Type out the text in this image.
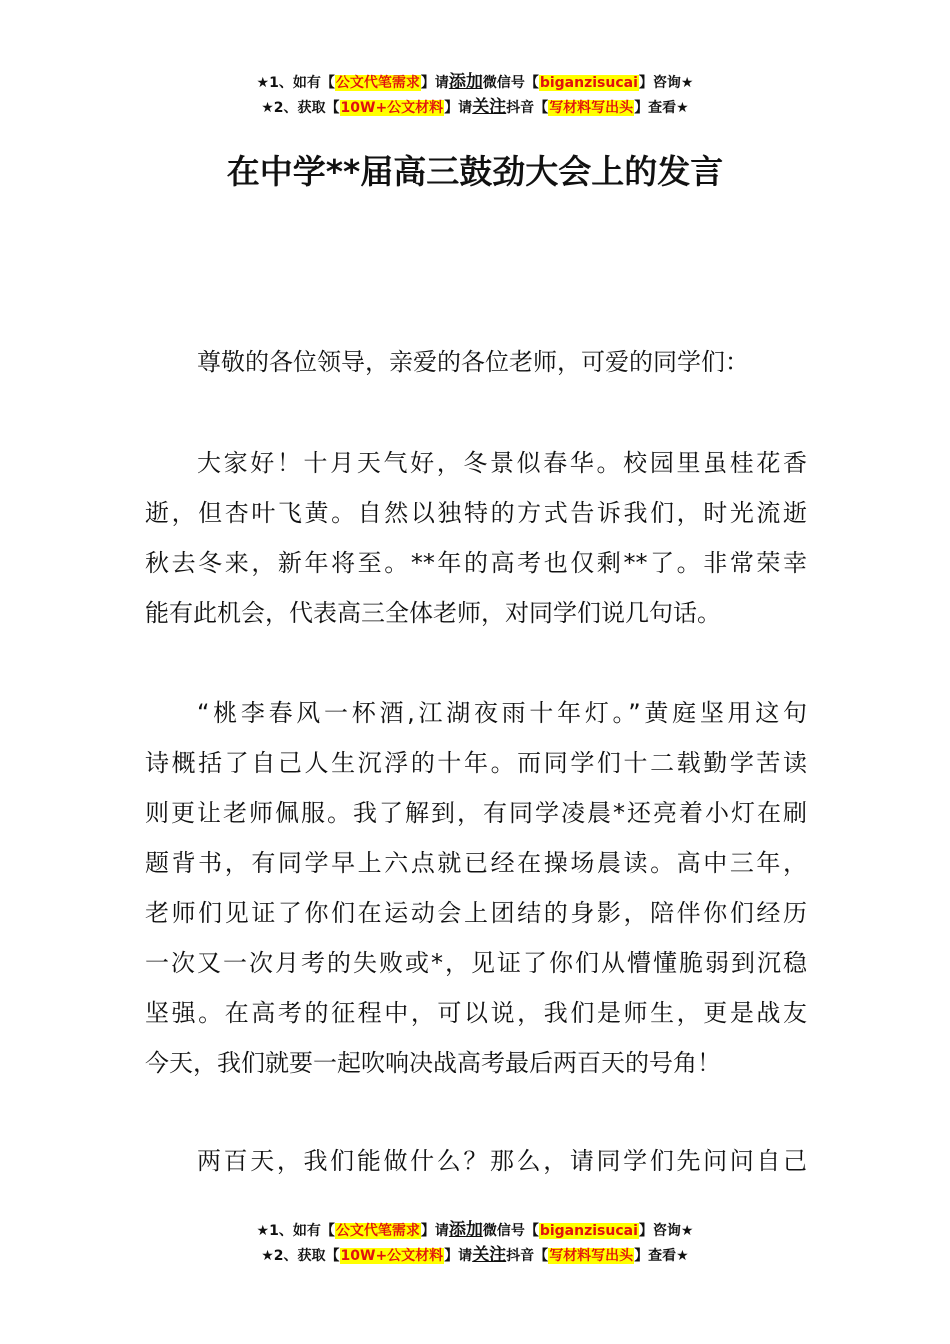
★1、如有【公文代笔需求】请添加微信号【biganzisucai】咨询★
★2、获取【10W+公文材料】请关注抖音【写材料写出头】查看★
在中学**届高三鼓劲大会上的发言
尊敬的各位领导，亲爱的各位老师，可爱的同学们：
大家好！十月天气好，冬景似春华。校园里虽桂花香
逝，但杏叶飞黄。自然以独特的方式告诉我们，时光流逝
秋去冬来，新年将至。**年的高考也仅剩**了。非常荣幸
能有此机会，代表高三全体老师，对同学们说几句话。
“桃李春风一杯酒,江湖夜雨十年灯。”黄庭坚用这句
诗概括了自己人生沉浮的十年。而同学们十二载勤学苦读
则更让老师佩服。我了解到，有同学凌晨*还亮着小灯在刷
题背书，有同学早上六点就已经在操场晨读。高中三年，
老师们见证了你们在运动会上团结的身影，陪伴你们经历
一次又一次月考的失败或*，见证了你们从懵懂脆弱到沉稳
坚强。在高考的征程中，可以说，我们是师生，更是战友
今天，我们就要一起吹响决战高考最后两百天的号角！
两百天，我们能做什么？那么，请同学们先问问自己
★1、如有【公文代笔需求】请添加微信号【biganzisucai】咨询★
★2、获取【10W+公文材料】请关注抖音【写材料写出头】查看★
